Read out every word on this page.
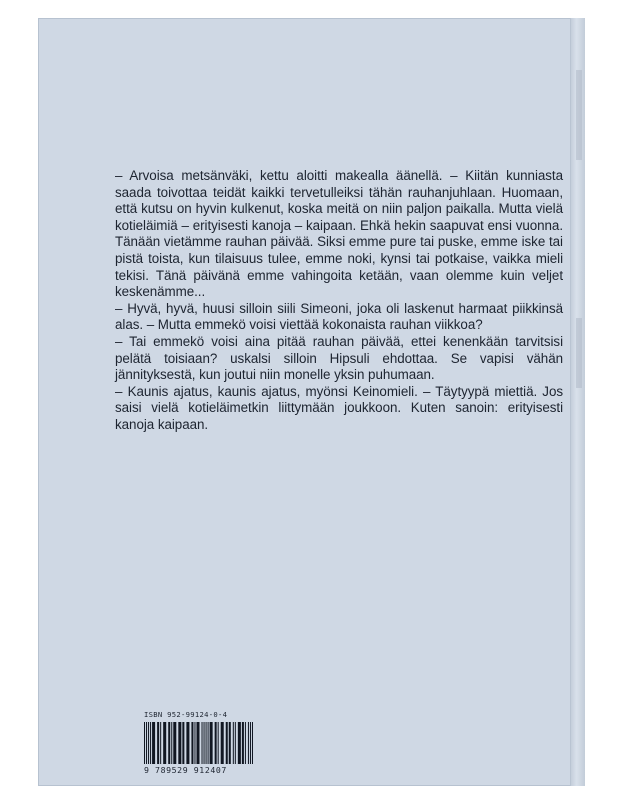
– Arvoisa metsänväki, kettu aloitti makealla äänellä. – Kiitän kunniasta saada toivottaa teidät kaikki tervetulleiksi tähän rauhanjuhlaan. Huomaan, että kutsu on hyvin kulkenut, koska meitä on niin paljon paikalla. Mutta vielä kotieläimiä – erityisesti kanoja – kaipaan. Ehkä hekin saapuvat ensi vuonna. Tänään vietämme rauhan päivää. Siksi emme pure tai puske, emme iske tai pistä toista, kun tilaisuus tulee, emme noki, kynsi tai potkaise, vaikka mieli tekisi. Tänä päivänä emme vahingoita ketään, vaan olemme kuin veljet keskenämme...

– Hyvä, hyvä, huusi silloin siili Simeoni, joka oli laskenut harmaat piikkinsä alas. – Mutta emmekö voisi viettää kokonaista rauhan viikkoa?

– Tai emmekö voisi aina pitää rauhan päivää, ettei kenenkään tarvitsisi pelätä toisiaan? uskalsi silloin Hipsuli ehdottaa. Se vapisi vähän jännityksestä, kun joutui niin monelle yksin puhumaan.

– Kaunis ajatus, kaunis ajatus, myönsi Keinomieli. – Täytyypä miettiä. Jos saisi vielä kotieläimetkin liittymään joukkoon. Kuten sanoin: erityisesti kanoja kaipaan.

ISBN 952-99124-0-4
9 789529 912407
